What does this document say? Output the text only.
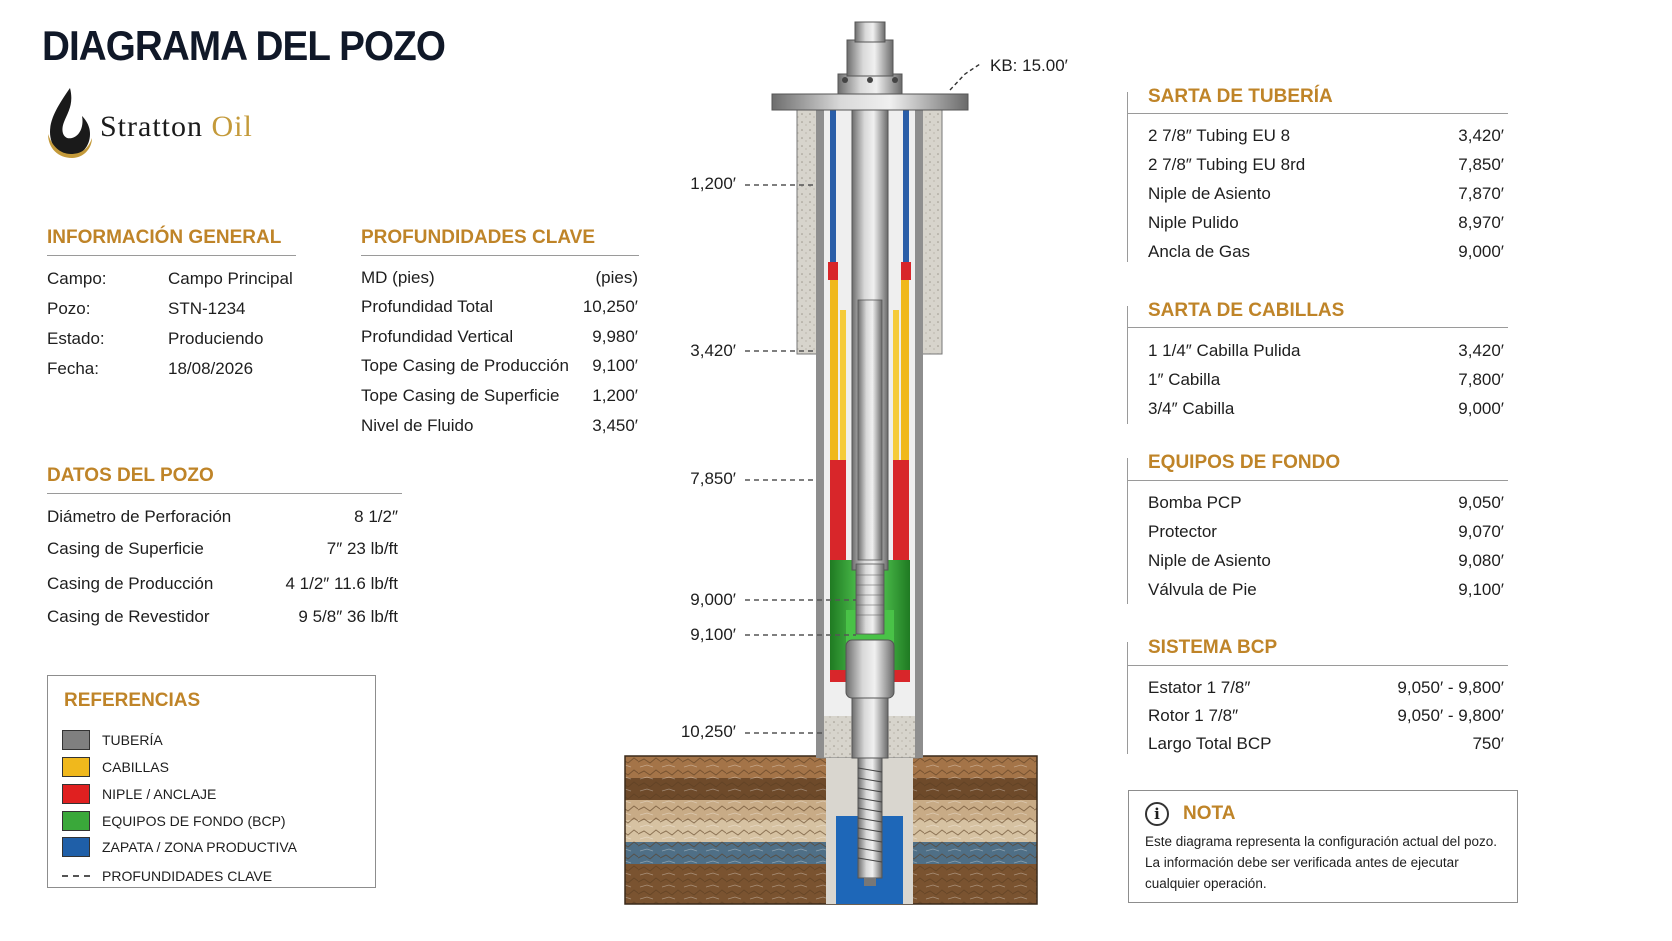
DIAGRAMA DEL POZO
Stratton Oil
INFORMACIÓN GENERAL
Campo:	Campo Principal
Pozo:	STN-1234
Estado:	Produciendo
Fecha:	18/08/2026
PROFUNDIDADES CLAVE
MD (pies)	(pies)
Profundidad Total	10,250′
Profundidad Vertical	9,980′
Tope Casing de Producción	9,100′
Tope Casing de Superficie	1,200′
Nivel de Fluido	3,450′
DATOS DEL POZO
Diámetro de Perforación	8 1/2″
Casing de Superficie	7″ 23 lb/ft
Casing de Producción	4 1/2″ 11.6 lb/ft
Casing de Revestidor	9 5/8″ 36 lb/ft
REFERENCIAS
TUBERÍA
CABILLAS
NIPLE / ANCLAJE
EQUIPOS DE FONDO (BCP)
ZAPATA / ZONA PRODUCTIVA
PROFUNDIDADES CLAVE
KB: 15.00′
1,200′
3,420′
7,850′
9,000′
9,100′
10,250′
SARTA DE TUBERÍA
2 7/8″ Tubing EU 8	3,420′
2 7/8″ Tubing EU 8rd	7,850′
Niple de Asiento	7,870′
Niple Pulido	8,970′
Ancla de Gas	9,000′
SARTA DE CABILLAS
1 1/4″ Cabilla Pulida	3,420′
1″ Cabilla	7,800′
3/4″ Cabilla	9,000′
EQUIPOS DE FONDO
Bomba PCP	9,050′
Protector	9,070′
Niple de Asiento	9,080′
Válvula de Pie	9,100′
SISTEMA BCP
Estator 1 7/8″	9,050′ - 9,800′
Rotor 1 7/8″	9,050′ - 9,800′
Largo Total BCP	750′
i	NOTA
Este diagrama representa la configuración actual del pozo. La información debe ser verificada antes de ejecutar cualquier operación.
